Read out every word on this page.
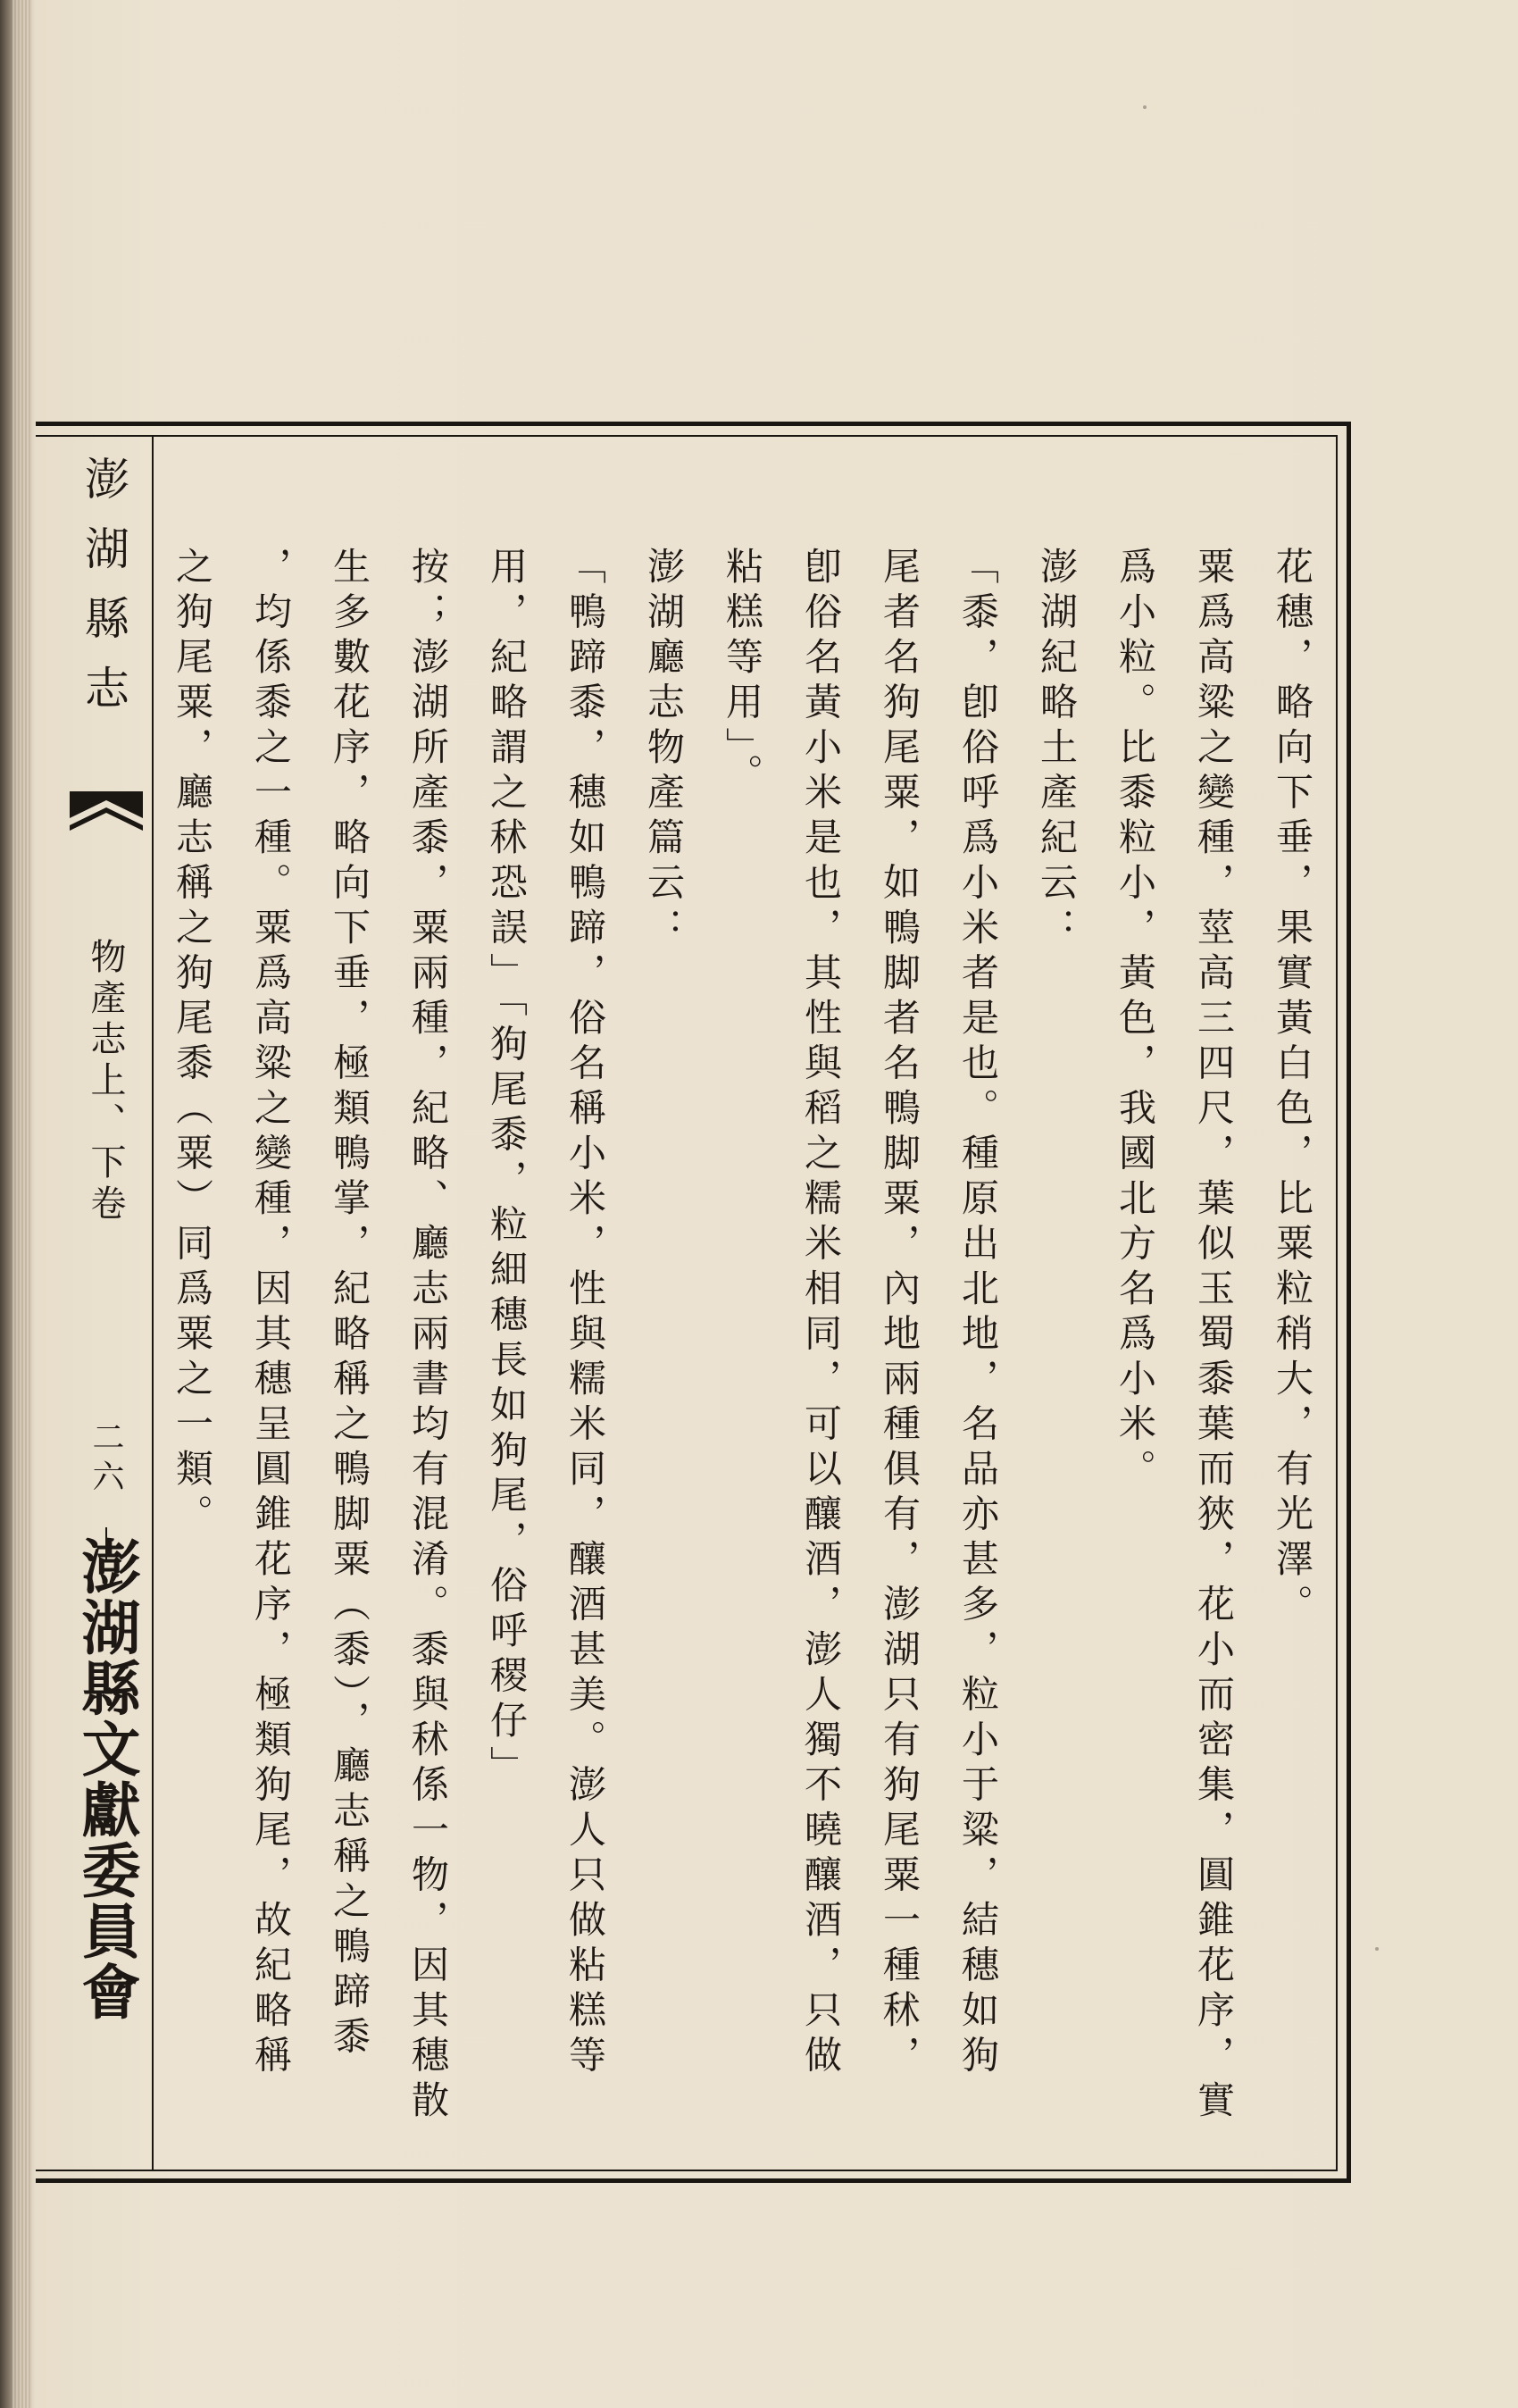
澎湖縣志
物產志上、下卷
二六
澎湖縣文獻委員會
花穗，略向下垂，果實黃白色，比粟粒稍大，有光澤。
粟爲高粱之變種，莖高三四尺，葉似玉蜀黍葉而狹，花小而密集，圓錐花序，實
爲小粒。比黍粒小，黃色，我國北方名爲小米。
澎湖紀略土產紀云：
「黍，卽俗呼爲小米者是也。種原出北地，名品亦甚多，粒小于粱，結穗如狗
尾者名狗尾粟，如鴨脚者名鴨脚粟，內地兩種俱有，澎湖只有狗尾粟一種秫，
卽俗名黃小米是也，其性與稻之糯米相同，可以釀酒，澎人獨不曉釀酒，只做
粘糕等用」。
澎湖廳志物產篇云：
「鴨蹄黍，穗如鴨蹄，俗名稱小米，性與糯米同，釀酒甚美。澎人只做粘糕等
用，紀略謂之秫恐誤」「狗尾黍，粒細穗長如狗尾，俗呼稷仔」
按；澎湖所產黍，粟兩種，紀略、廳志兩書均有混淆。黍與秫係一物，因其穗散
生多數花序，略向下垂，極類鴨掌，紀略稱之鴨脚粟（黍），廳志稱之鴨蹄黍
，均係黍之一種。粟爲高粱之變種，因其穗呈圓錐花序，極類狗尾，故紀略稱
之狗尾粟，廳志稱之狗尾黍（粟）同爲粟之一類。
